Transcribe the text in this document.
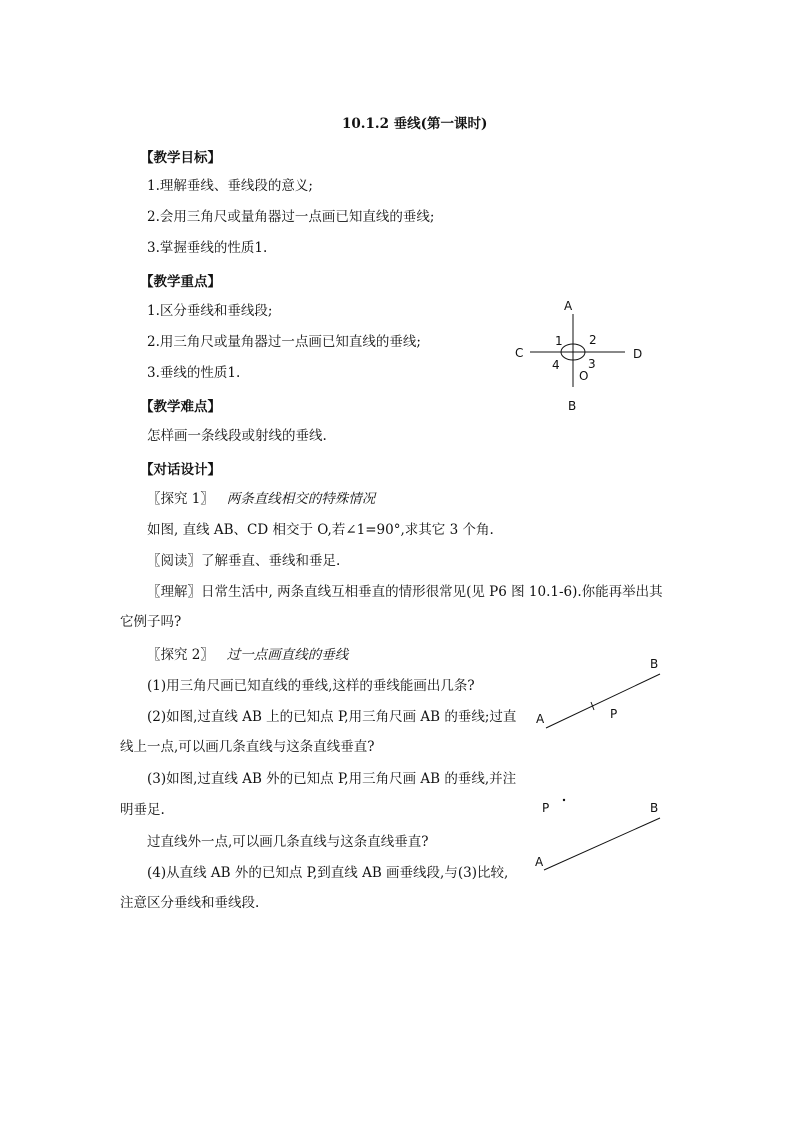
10.1.2 垂线(第一课时)
【教学目标】
1.理解垂线、垂线段的意义;
2.会用三角尺或量角器过一点画已知直线的垂线;
3.掌握垂线的性质1.
【教学重点】
1.区分垂线和垂线段;
2.用三角尺或量角器过一点画已知直线的垂线;
3.垂线的性质1.
【教学难点】
怎样画一条线段或射线的垂线.
【对话设计】
〖探究 1〗 两条直线相交的特殊情况
如图, 直线 AB、CD 相交于 O,若∠1=90°,求其它 3 个角.
〖阅读〗了解垂直、垂线和垂足.
〖理解〗日常生活中, 两条直线互相垂直的情形很常见(见 P6 图 10.1-6).你能再举出其
它例子吗?
〖探究 2〗 过一点画直线的垂线
(1)用三角尺画已知直线的垂线,这样的垂线能画出几条?
(2)如图,过直线 AB 上的已知点 P,用三角尺画 AB 的垂线;过直
线上一点,可以画几条直线与这条直线垂直?
(3)如图,过直线 AB 外的已知点 P,用三角尺画 AB 的垂线,并注
明垂足.
过直线外一点,可以画几条直线与这条直线垂直?
(4)从直线 AB 外的已知点 P,到直线 AB 画垂线段,与(3)比较,
注意区分垂线和垂线段.
A
C	D
B
O
1 2
3
4
B
A	P
B
P
A
